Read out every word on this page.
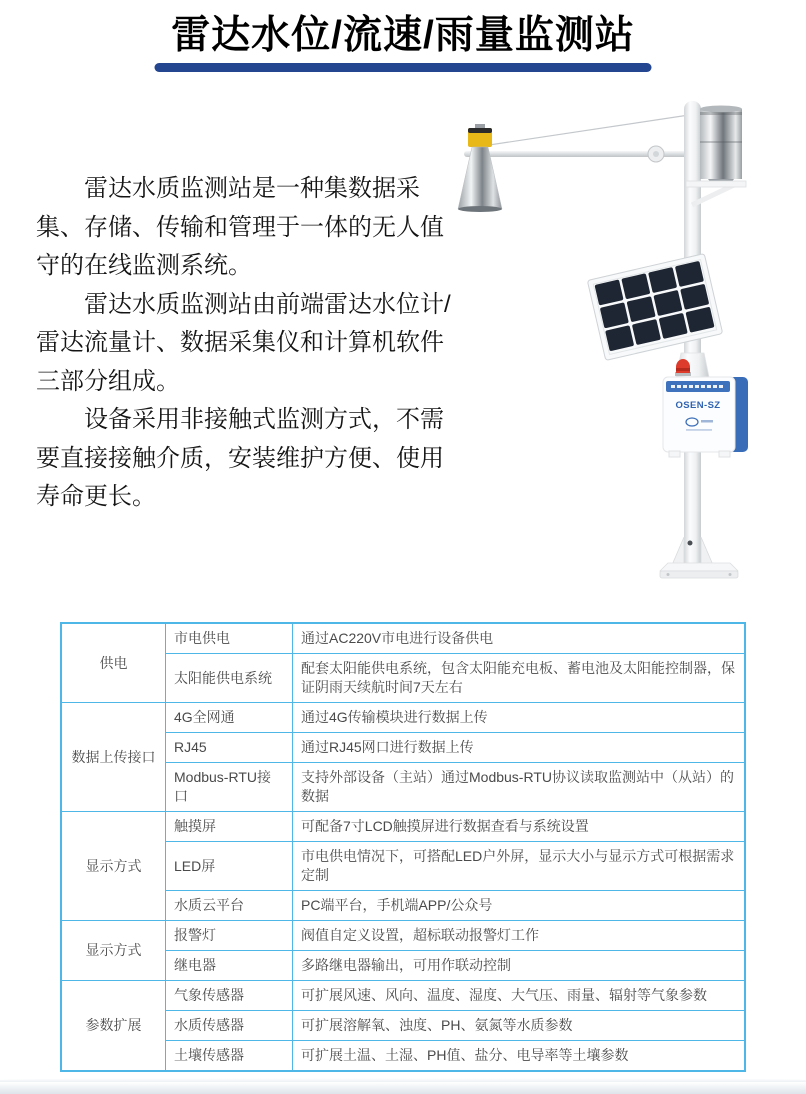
雷达水位/流速/雨量监测站

雷达水质监测站是一种集数据采集、存储、传输和管理于一体的无人值守的在线监测系统。

雷达水质监测站由前端雷达水位计/雷达流量计、数据采集仪和计算机软件三部分组成。

设备采用非接触式监测方式，不需要直接接触介质，安装维护方便、使用寿命更长。

OSEN-SZ
供电	市电供电	通过AC220V市电进行设备供电
	太阳能供电系统	配套太阳能供电系统，包含太阳能充电板、蓄电池及太阳能控制器，保证阴雨天续航时间7天左右
数据上传接口	4G全网通	通过4G传输模块进行数据上传
	RJ45	通过RJ45网口进行数据上传
	Modbus-RTU接口	支持外部设备（主站）通过Modbus-RTU协议读取监测站中（从站）的数据
显示方式	触摸屏	可配备7寸LCD触摸屏进行数据查看与系统设置
	LED屏	市电供电情况下，可搭配LED户外屏，显示大小与显示方式可根据需求定制
	水质云平台	PC端平台，手机端APP/公众号
显示方式	报警灯	阀值自定义设置，超标联动报警灯工作
	继电器	多路继电器输出，可用作联动控制
参数扩展	气象传感器	可扩展风速、风向、温度、湿度、大气压、雨量、辐射等气象参数
	水质传感器	可扩展溶解氧、浊度、PH、氨氮等水质参数
	土壤传感器	可扩展土温、土湿、PH值、盐分、电导率等土壤参数
